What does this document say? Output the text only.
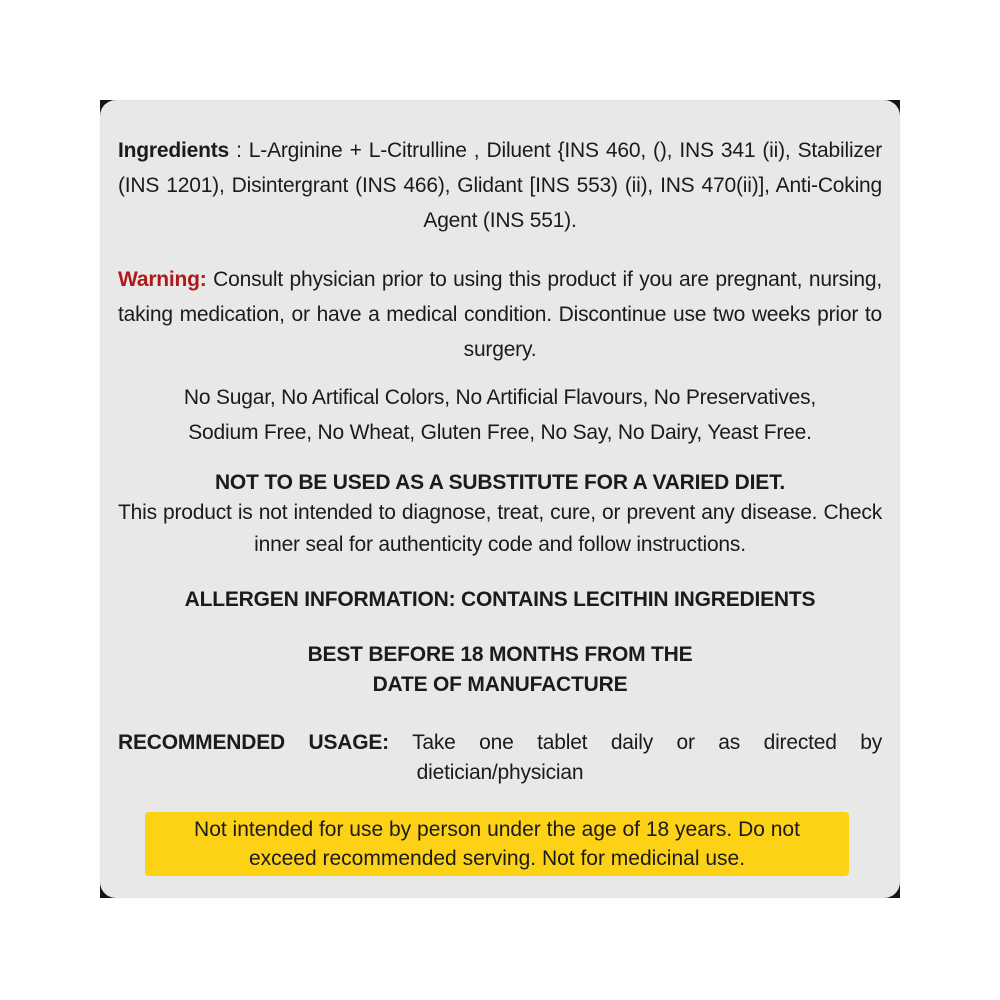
Ingredients : L-Arginine + L-Citrulline , Diluent {INS 460, (), INS 341 (ii), Stabilizer (INS 1201), Disintergrant (INS 466), Glidant [INS 553) (ii), INS 470(ii)], Anti-Coking Agent (INS 551).
Warning: Consult physician prior to using this product if you are pregnant, nursing, taking medication, or have a medical condition. Discontinue use two weeks prior to surgery.
No Sugar, No Artifical Colors, No Artificial Flavours, No Preservatives,
Sodium Free, No Wheat, Gluten Free, No Say, No Dairy, Yeast Free.
NOT TO BE USED AS A SUBSTITUTE FOR A VARIED DIET.
This product is not intended to diagnose, treat, cure, or prevent any disease. Check inner seal for authenticity code and follow instructions.
ALLERGEN INFORMATION: CONTAINS LECITHIN INGREDIENTS
BEST BEFORE 18 MONTHS FROM THE
DATE OF MANUFACTURE
RECOMMENDED USAGE: Take one tablet daily or as directed by dietician/physician
Not intended for use by person under the age of 18 years. Do not
exceed recommended serving. Not for medicinal use.
